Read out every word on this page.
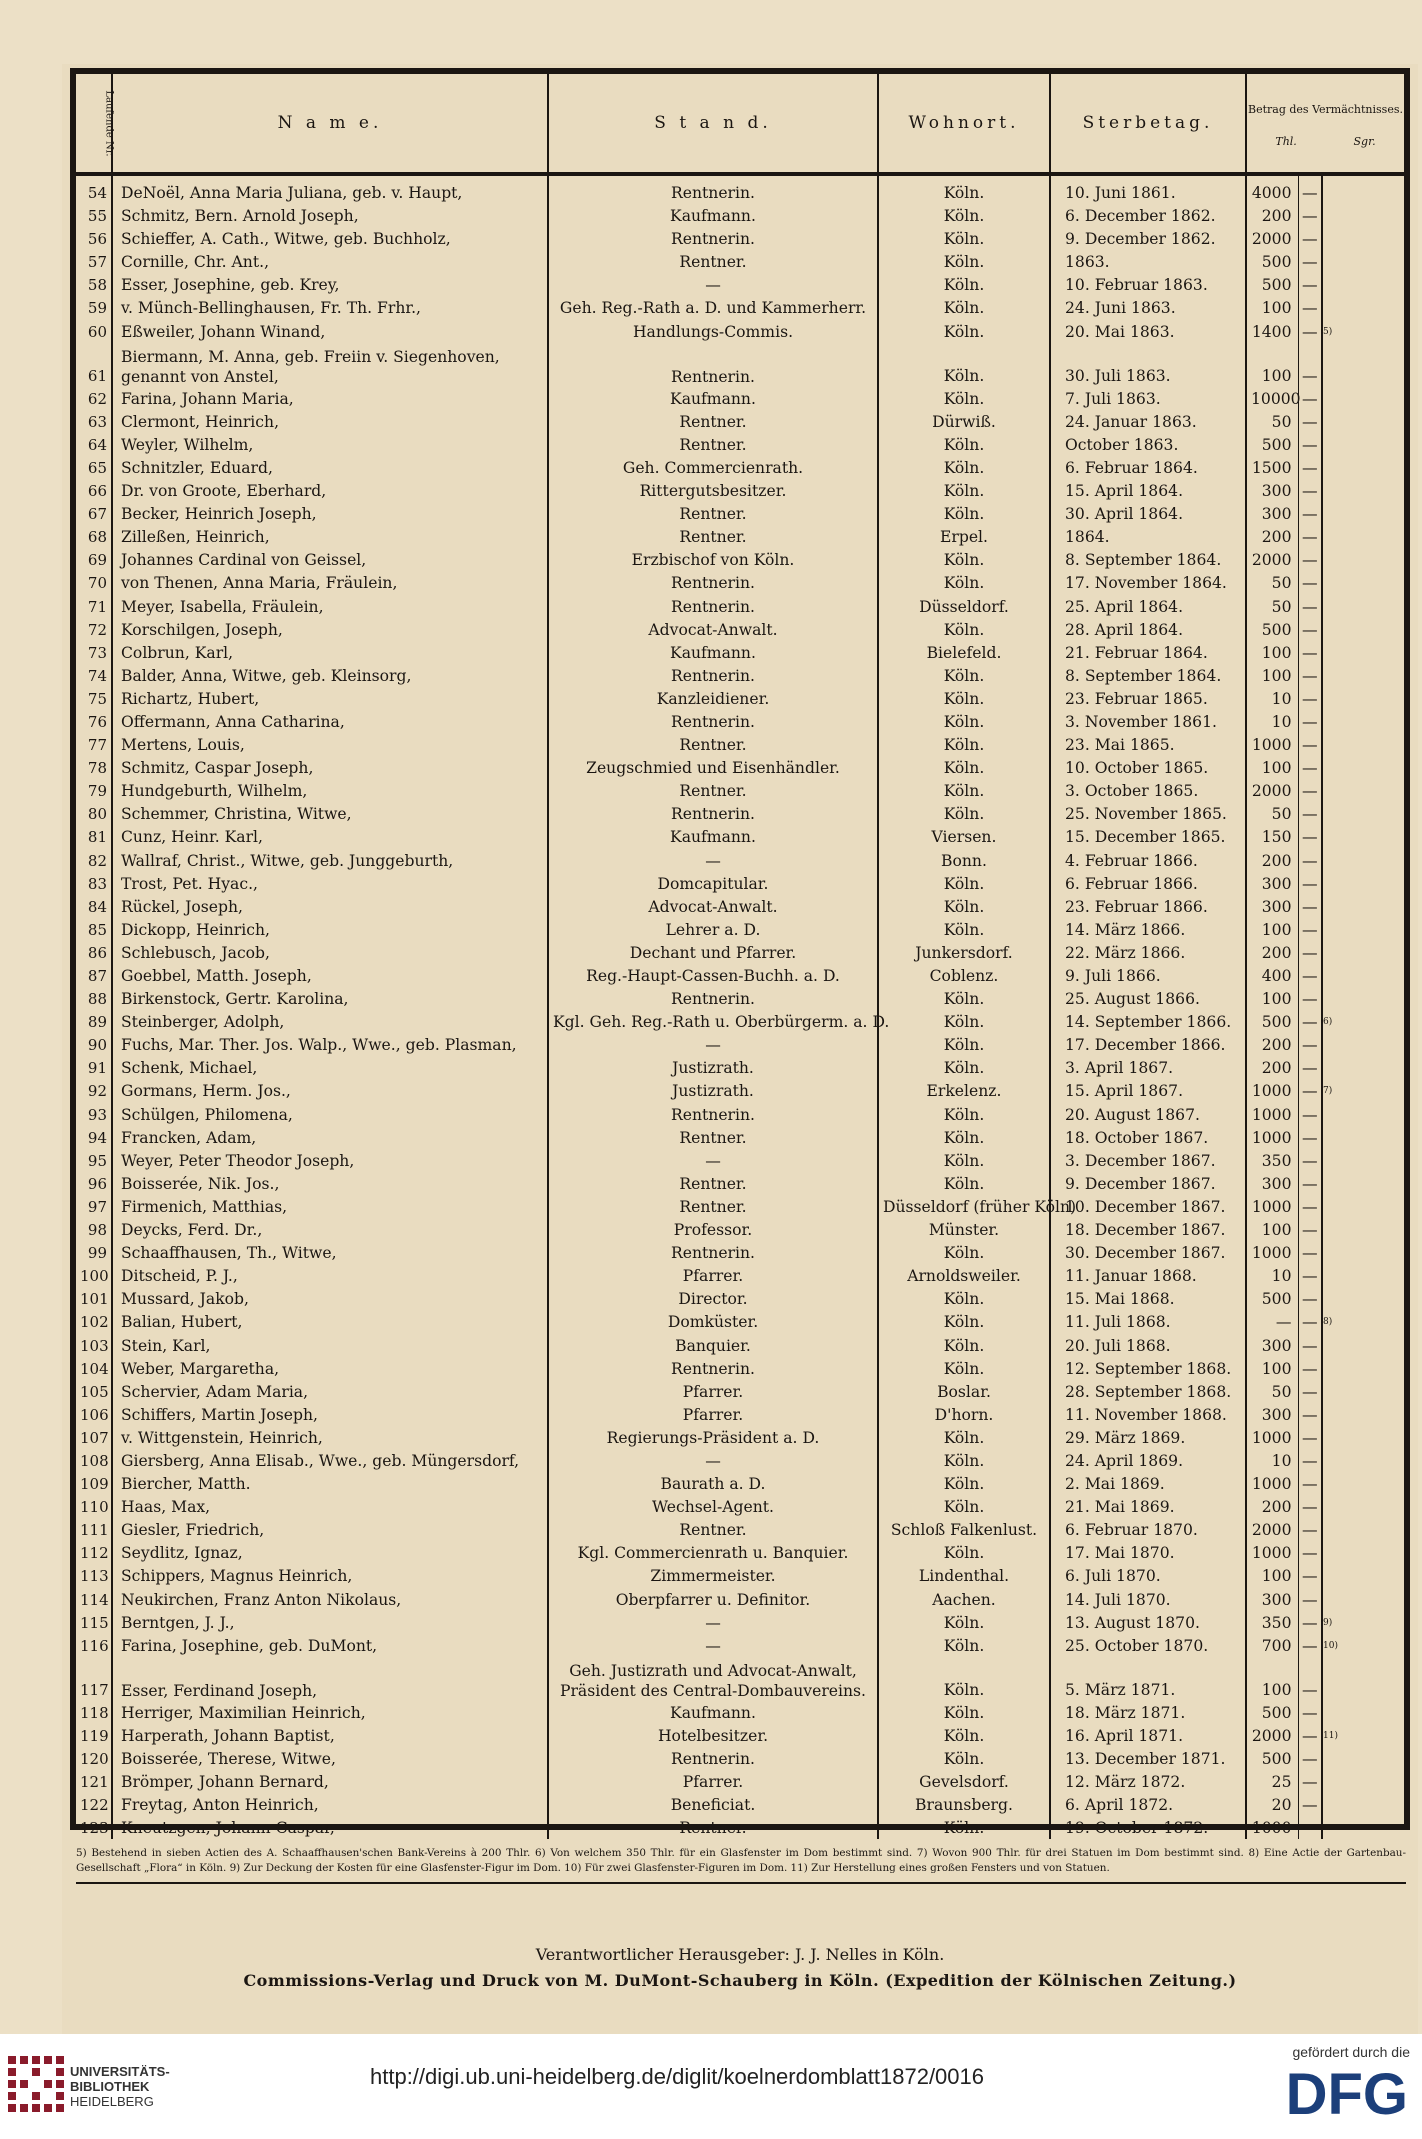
Laufende Nr.	N a m e.	S t a n d.	Wohnort.	Sterbetag.	Betrag des Vermächtnisses.
Thl. Sgr.		

54	DeNoël, Anna Maria Juliana, geb. v. Haupt,	Rentnerin.	Köln.	10. Juni 1861.	4000	—	
55	Schmitz, Bern. Arnold Joseph,	Kaufmann.	Köln.	6. December 1862.	200	—	
56	Schieffer, A. Cath., Witwe, geb. Buchholz,	Rentnerin.	Köln.	9. December 1862.	2000	—	
57	Cornille, Chr. Ant.,	Rentner.	Köln.	1863.	500	—	
58	Esser, Josephine, geb. Krey,	—	Köln.	10. Februar 1863.	500	—	
59	v. Münch-Bellinghausen, Fr. Th. Frhr.,	Geh. Reg.-Rath a. D. und Kammerherr.	Köln.	24. Juni 1863.	100	—	
60	Eßweiler, Johann Winand,	Handlungs-Commis.	Köln.	20. Mai 1863.	1400	—	5)
61	Biermann, M. Anna, geb. Freiin v. Siegenhoven, genannt von Anstel,	Rentnerin.	Köln.	30. Juli 1863.	100	—	
62	Farina, Johann Maria,	Kaufmann.	Köln.	7. Juli 1863.	10000	—	
63	Clermont, Heinrich,	Rentner.	Dürwiß.	24. Januar 1863.	50	—	
64	Weyler, Wilhelm,	Rentner.	Köln.	October 1863.	500	—	
65	Schnitzler, Eduard,	Geh. Commercienrath.	Köln.	6. Februar 1864.	1500	—	
66	Dr. von Groote, Eberhard,	Rittergutsbesitzer.	Köln.	15. April 1864.	300	—	
67	Becker, Heinrich Joseph,	Rentner.	Köln.	30. April 1864.	300	—	
68	Zilleßen, Heinrich,	Rentner.	Erpel.	1864.	200	—	
69	Johannes Cardinal von Geissel,	Erzbischof von Köln.	Köln.	8. September 1864.	2000	—	
70	von Thenen, Anna Maria, Fräulein,	Rentnerin.	Köln.	17. November 1864.	50	—	
71	Meyer, Isabella, Fräulein,	Rentnerin.	Düsseldorf.	25. April 1864.	50	—	
72	Korschilgen, Joseph,	Advocat-Anwalt.	Köln.	28. April 1864.	500	—	
73	Colbrun, Karl,	Kaufmann.	Bielefeld.	21. Februar 1864.	100	—	
74	Balder, Anna, Witwe, geb. Kleinsorg,	Rentnerin.	Köln.	8. September 1864.	100	—	
75	Richartz, Hubert,	Kanzleidiener.	Köln.	23. Februar 1865.	10	—	
76	Offermann, Anna Catharina,	Rentnerin.	Köln.	3. November 1861.	10	—	
77	Mertens, Louis,	Rentner.	Köln.	23. Mai 1865.	1000	—	
78	Schmitz, Caspar Joseph,	Zeugschmied und Eisenhändler.	Köln.	10. October 1865.	100	—	
79	Hundgeburth, Wilhelm,	Rentner.	Köln.	3. October 1865.	2000	—	
80	Schemmer, Christina, Witwe,	Rentnerin.	Köln.	25. November 1865.	50	—	
81	Cunz, Heinr. Karl,	Kaufmann.	Viersen.	15. December 1865.	150	—	
82	Wallraf, Christ., Witwe, geb. Junggeburth,	—	Bonn.	4. Februar 1866.	200	—	
83	Trost, Pet. Hyac.,	Domcapitular.	Köln.	6. Februar 1866.	300	—	
84	Rückel, Joseph,	Advocat-Anwalt.	Köln.	23. Februar 1866.	300	—	
85	Dickopp, Heinrich,	Lehrer a. D.	Köln.	14. März 1866.	100	—	
86	Schlebusch, Jacob,	Dechant und Pfarrer.	Junkersdorf.	22. März 1866.	200	—	
87	Goebbel, Matth. Joseph,	Reg.-Haupt-Cassen-Buchh. a. D.	Coblenz.	9. Juli 1866.	400	—	
88	Birkenstock, Gertr. Karolina,	Rentnerin.	Köln.	25. August 1866.	100	—	
89	Steinberger, Adolph,	Kgl. Geh. Reg.-Rath u. Oberbürgerm. a. D.	Köln.	14. September 1866.	500	—	6)
90	Fuchs, Mar. Ther. Jos. Walp., Wwe., geb. Plasman,	—	Köln.	17. December 1866.	200	—	
91	Schenk, Michael,	Justizrath.	Köln.	3. April 1867.	200	—	
92	Gormans, Herm. Jos.,	Justizrath.	Erkelenz.	15. April 1867.	1000	—	7)
93	Schülgen, Philomena,	Rentnerin.	Köln.	20. August 1867.	1000	—	
94	Francken, Adam,	Rentner.	Köln.	18. October 1867.	1000	—	
95	Weyer, Peter Theodor Joseph,	—	Köln.	3. December 1867.	350	—	
96	Boisserée, Nik. Jos.,	Rentner.	Köln.	9. December 1867.	300	—	
97	Firmenich, Matthias,	Rentner.	Düsseldorf (früher Köln)	10. December 1867.	1000	—	
98	Deycks, Ferd. Dr.,	Professor.	Münster.	18. December 1867.	100	—	
99	Schaaffhausen, Th., Witwe,	Rentnerin.	Köln.	30. December 1867.	1000	—	
100	Ditscheid, P. J.,	Pfarrer.	Arnoldsweiler.	11. Januar 1868.	10	—	
101	Mussard, Jakob,	Director.	Köln.	15. Mai 1868.	500	—	
102	Balian, Hubert,	Domküster.	Köln.	11. Juli 1868.	—	—	8)
103	Stein, Karl,	Banquier.	Köln.	20. Juli 1868.	300	—	
104	Weber, Margaretha,	Rentnerin.	Köln.	12. September 1868.	100	—	
105	Schervier, Adam Maria,	Pfarrer.	Boslar.	28. September 1868.	50	—	
106	Schiffers, Martin Joseph,	Pfarrer.	D'horn.	11. November 1868.	300	—	
107	v. Wittgenstein, Heinrich,	Regierungs-Präsident a. D.	Köln.	29. März 1869.	1000	—	
108	Giersberg, Anna Elisab., Wwe., geb. Müngersdorf,	—	Köln.	24. April 1869.	10	—	
109	Biercher, Matth.	Baurath a. D.	Köln.	2. Mai 1869.	1000	—	
110	Haas, Max,	Wechsel-Agent.	Köln.	21. Mai 1869.	200	—	
111	Giesler, Friedrich,	Rentner.	Schloß Falkenlust.	6. Februar 1870.	2000	—	
112	Seydlitz, Ignaz,	Kgl. Commercienrath u. Banquier.	Köln.	17. Mai 1870.	1000	—	
113	Schippers, Magnus Heinrich,	Zimmermeister.	Lindenthal.	6. Juli 1870.	100	—	
114	Neukirchen, Franz Anton Nikolaus,	Oberpfarrer u. Definitor.	Aachen.	14. Juli 1870.	300	—	
115	Berntgen, J. J.,	—	Köln.	13. August 1870.	350	—	9)
116	Farina, Josephine, geb. DuMont,	—	Köln.	25. October 1870.	700	—	10)
117	Esser, Ferdinand Joseph,	Geh. Justizrath und Advocat-Anwalt, Präsident des Central-Dombauvereins.	Köln.	5. März 1871.	100	—	
118	Herriger, Maximilian Heinrich,	Kaufmann.	Köln.	18. März 1871.	500	—	
119	Harperath, Johann Baptist,	Hotelbesitzer.	Köln.	16. April 1871.	2000	—	11)
120	Boisserée, Therese, Witwe,	Rentnerin.	Köln.	13. December 1871.	500	—	
121	Brömper, Johann Bernard,	Pfarrer.	Gevelsdorf.	12. März 1872.	25	—	
122	Freytag, Anton Heinrich,	Beneficiat.	Braunsberg.	6. April 1872.	20	—	
123	Kneutzgen, Johann Caspar,	Rentner.	Köln.	19. October 1872.	1000	—	
5) Bestehend in sieben Actien des A. Schaaffhausen'schen Bank-Vereins à 200 Thlr. 6) Von welchem 350 Thlr. für ein Glasfenster im Dom bestimmt sind. 7) Wovon 900 Thlr. für drei Statuen im Dom bestimmt sind. 8) Eine Actie der Gartenbau-Gesellschaft „Flora“ in Köln. 9) Zur Deckung der Kosten für eine Glasfenster-Figur im Dom. 10) Für zwei Glasfenster-Figuren im Dom. 11) Zur Herstellung eines großen Fensters und von Statuen.
Verantwortlicher Herausgeber: J. J. Nelles in Köln.
Commissions-Verlag und Druck von M. DuMont-Schauberg in Köln. (Expedition der Kölnischen Zeitung.)
UNIVERSITÄTS-
BIBLIOTHEK
HEIDELBERG
http://digi.ub.uni-heidelberg.de/diglit/koelnerdomblatt1872/0016
gefördert durch die
DFG
